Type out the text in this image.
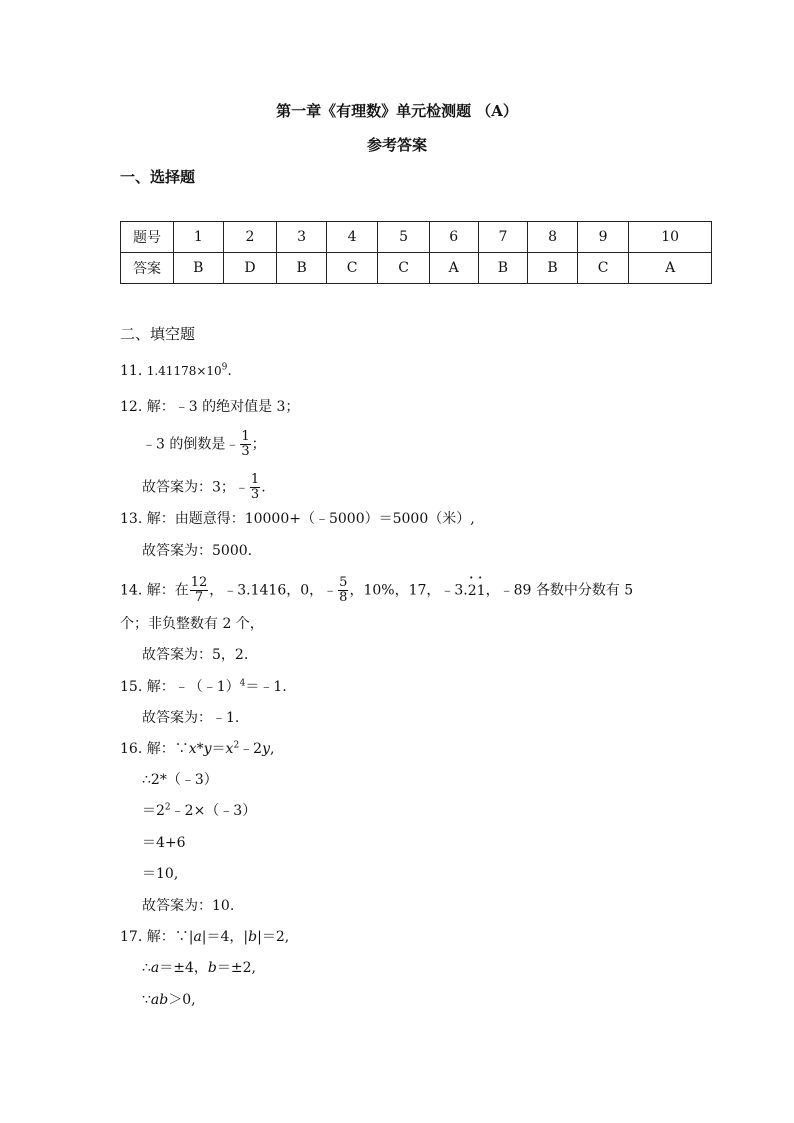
第一章《有理数》单元检测题 （A）
参考答案
一、选择题
题号	1	2	3	4	5	6	7	8	9	10
答案	B	D	B	C	C	A	B	B	C	A
二、填空题
11. $1.41178\times 10^9$.
12. 解：﹣3 的绝对值是 3；
﹣3 的倒数是﹣ $\frac{1}{3}$ ；
故答案为：3；﹣ $\frac{1}{3}$ .
13. 解：由题意得：10000+（﹣5000）＝5000（米）,
故答案为：5000.
14. 解：在 $\frac{12}{7}$ ，﹣3.1416，0，﹣ $\frac{5}{8}$ ，10%，17，﹣3.· 2· 1，﹣89 各数中分数有 5
个；非负整数有 2 个，
故答案为：5，2.
15. 解：﹣（﹣1）$^4$＝﹣1.
故答案为：﹣1.
16. 解：$\because x*y=x^2﹣2y$,
∴2*（﹣3）
$=2^2﹣2\times(﹣3)$
＝4+6
＝10,
故答案为：10.
17. 解：∵|a|＝4，|b|＝2,
∴a＝±4，b＝±2,
∵ab＞0,
